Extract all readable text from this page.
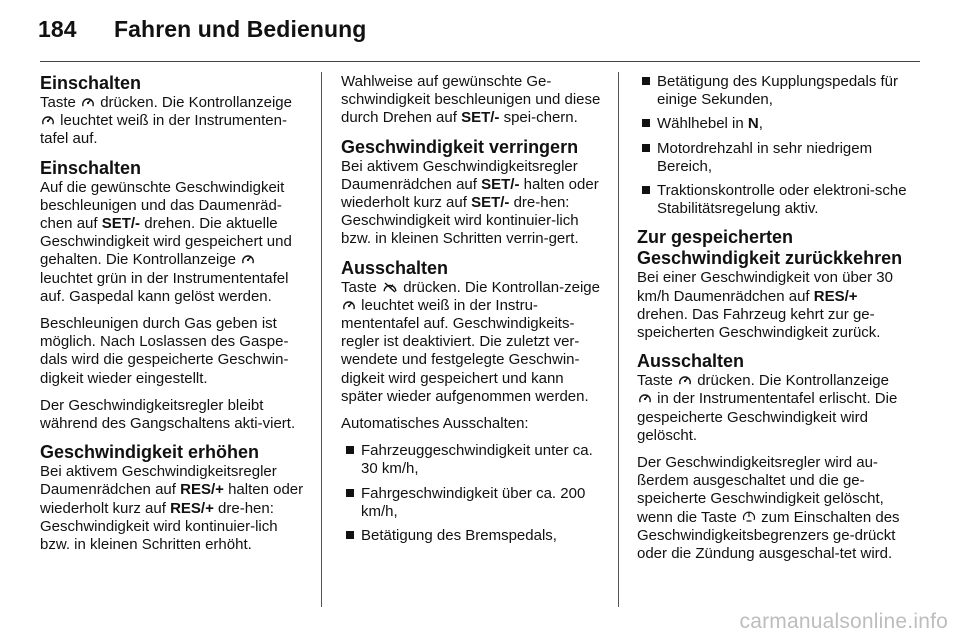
184 Fahren und Bedienung
Einschalten

Taste drücken. Die Kontrollanzeige  leuchtet weiß in der Instrumenten-tafel auf.

Einschalten

Auf die gewünschte Geschwindigkeit beschleunigen und das Daumenräd-chen auf SET/- drehen. Die aktuelle Geschwindigkeit wird gespeichert und gehalten. Die Kontrollanzeige  leuchtet grün in der Instrumententafel auf. Gaspedal kann gelöst werden.

Beschleunigen durch Gas geben ist möglich. Nach Loslassen des Gaspe-dals wird die gespeicherte Geschwin-digkeit wieder eingestellt.

Der Geschwindigkeitsregler bleibt während des Gangschaltens akti-viert.

Geschwindigkeit erhöhen

Bei aktivem Geschwindigkeitsregler Daumenrädchen auf RES/+ halten oder wiederholt kurz auf RES/+ dre-hen: Geschwindigkeit wird kontinuier-lich bzw. in kleinen Schritten erhöht.

Wahlweise auf gewünschte Ge-schwindigkeit beschleunigen und diese durch Drehen auf SET/- spei-chern.

Geschwindigkeit verringern

Bei aktivem Geschwindigkeitsregler Daumenrädchen auf SET/- halten oder wiederholt kurz auf SET/- dre-hen: Geschwindigkeit wird kontinuier-lich bzw. in kleinen Schritten verrin-gert.

Ausschalten

Taste drücken. Die Kontrollan-zeige  leuchtet weiß in der Instru-mententafel auf. Geschwindigkeits-regler ist deaktiviert. Die zuletzt ver-wendete und festgelegte Geschwin-digkeit wird gespeichert und kann später wieder aufgenommen werden.

Automatisches Ausschalten:

Fahrzeuggeschwindigkeit unter ca. 30 km/h,
Fahrgeschwindigkeit über ca. 200 km/h,
Betätigung des Bremspedals,
Betätigung des Kupplungspedals für einige Sekunden,
Wählhebel in N,
Motordrehzahl in sehr niedrigem Bereich,
Traktionskontrolle oder elektroni-sche Stabilitätsregelung aktiv.
Zur gespeicherten Geschwindigkeit zurückkehren

Bei einer Geschwindigkeit von über 30 km/h Daumenrädchen auf RES/+ drehen. Das Fahrzeug kehrt zur ge-speicherten Geschwindigkeit zurück.

Ausschalten

Taste drücken. Die Kontrollanzeige  in der Instrumententafel erlischt. Die gespeicherte Geschwindigkeit wird gelöscht.

Der Geschwindigkeitsregler wird au-ßerdem ausgeschaltet und die ge-speicherte Geschwindigkeit gelöscht, wenn die Taste zum Einschalten des Geschwindigkeitsbegrenzers ge-drückt oder die Zündung ausgeschal-tet wird.

carmanualsonline.info
